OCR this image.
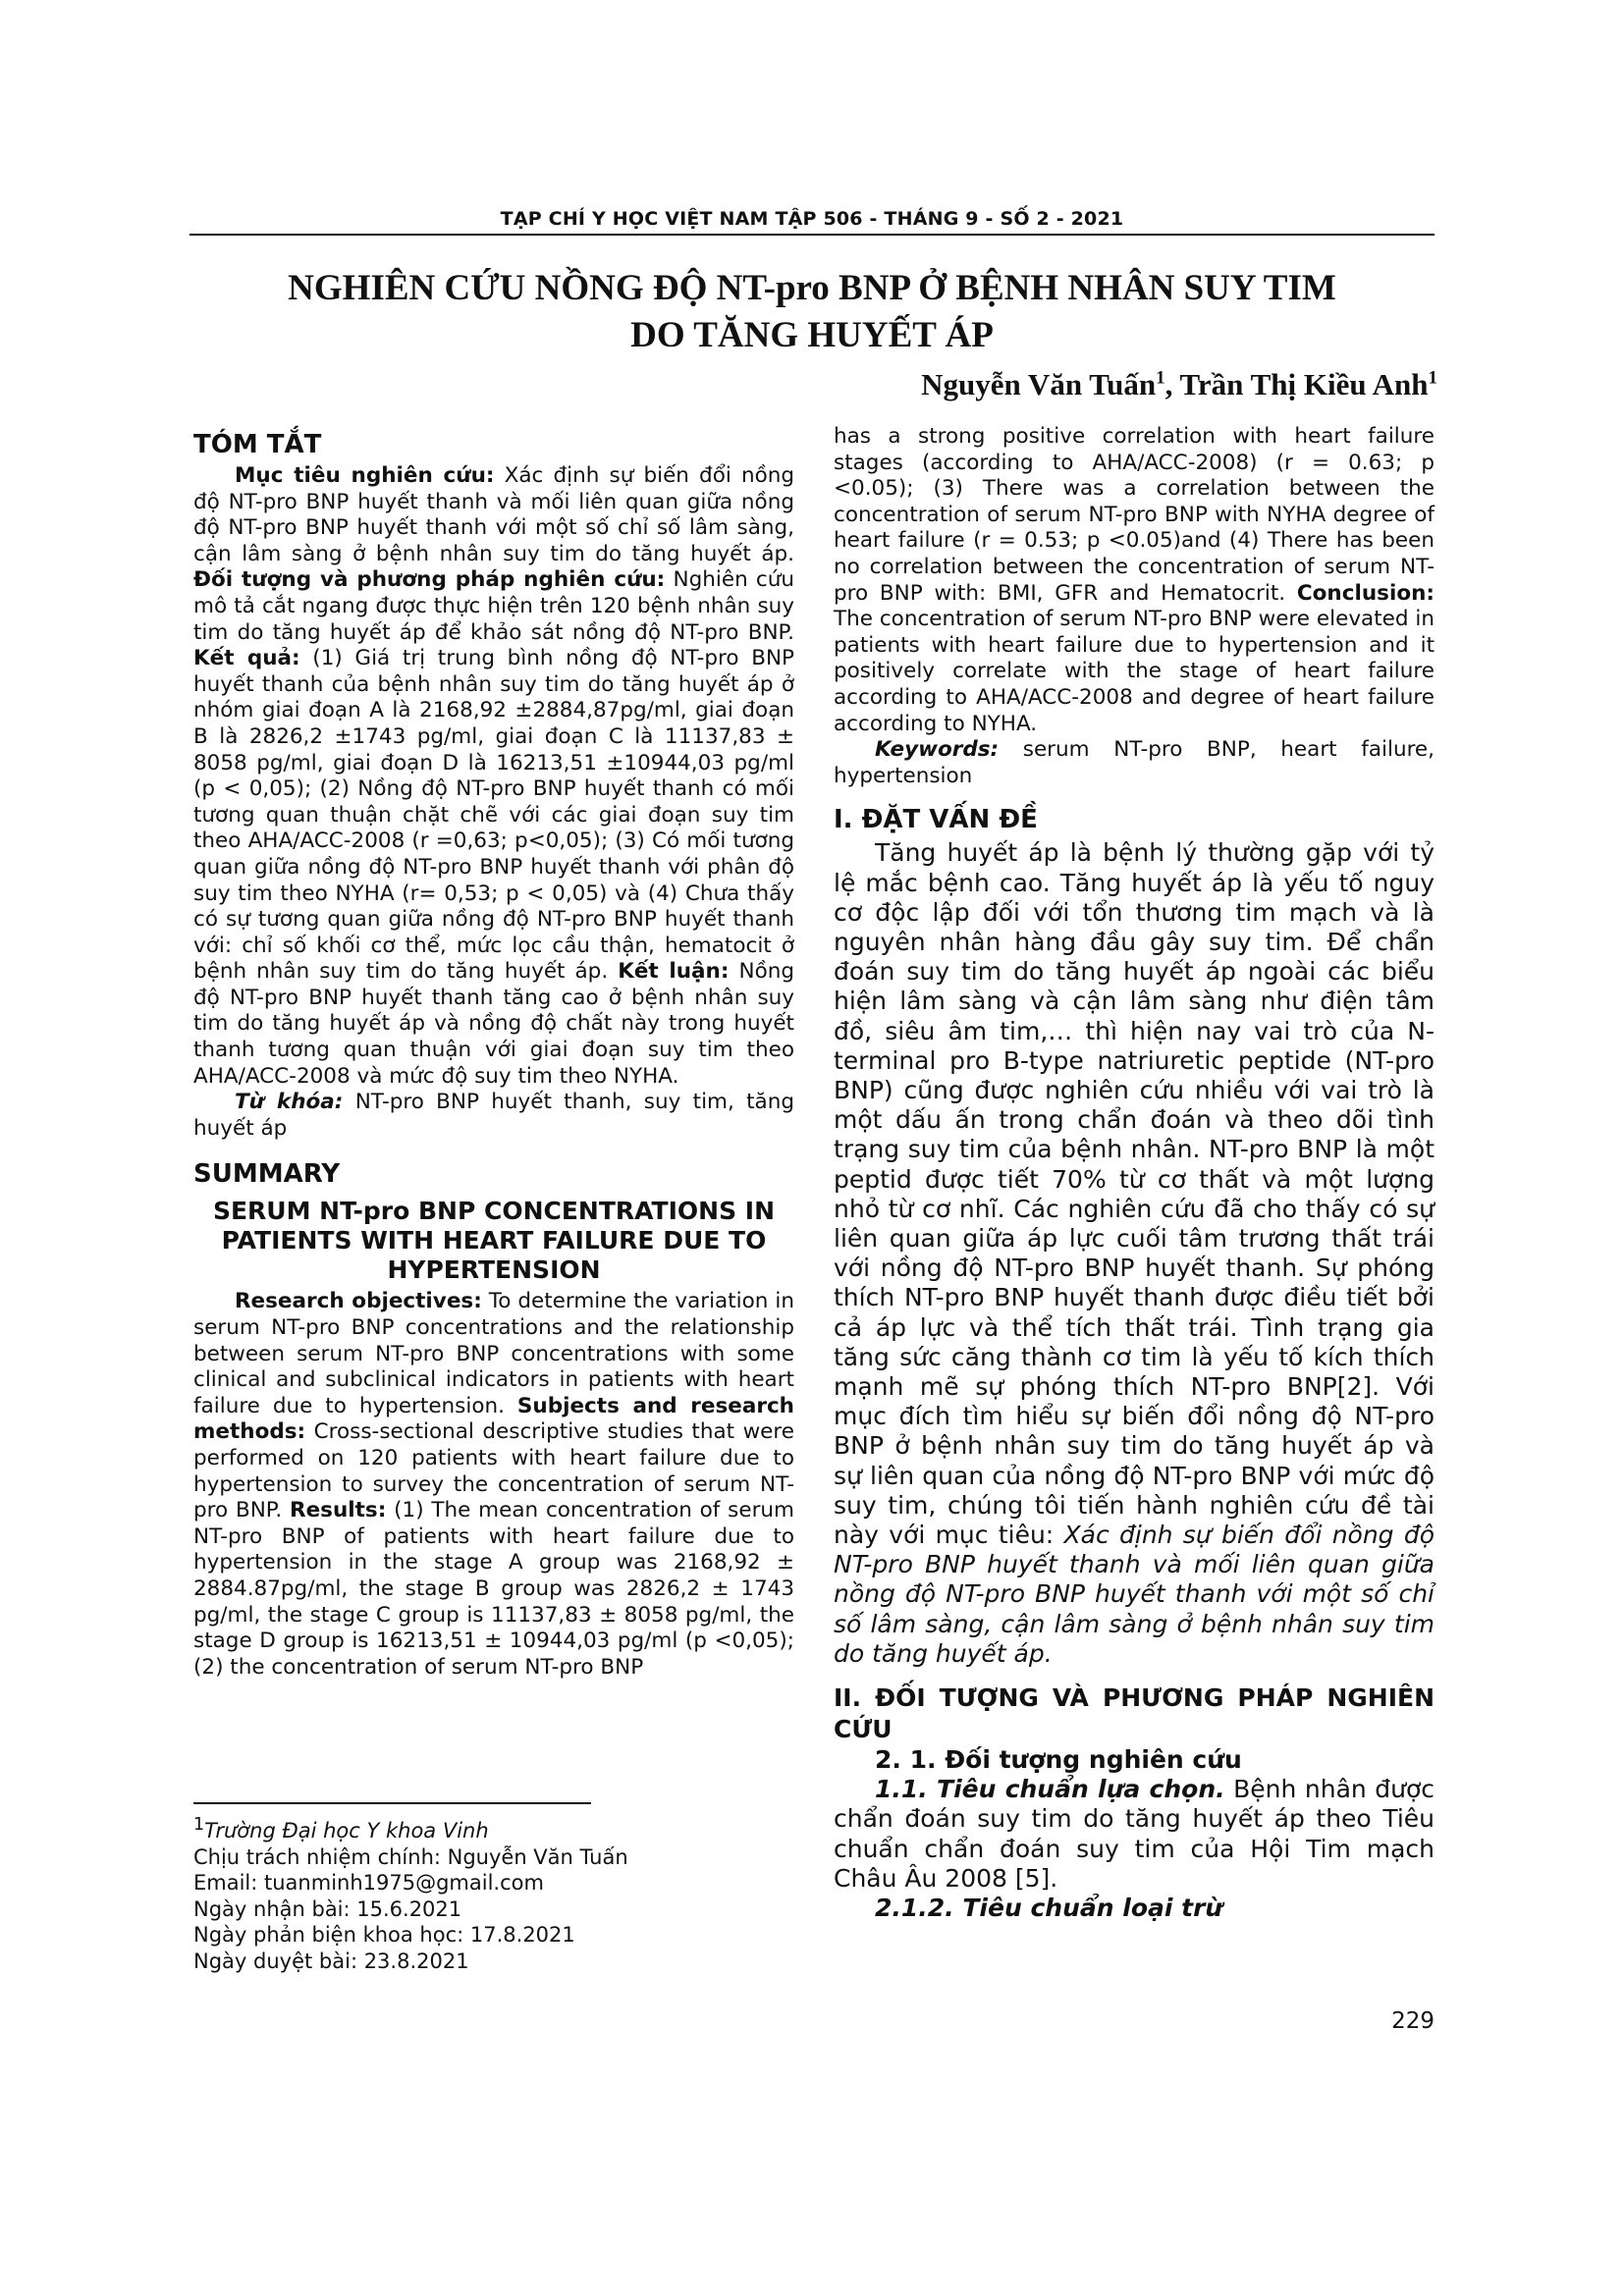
TẠP CHÍ Y HỌC VIỆT NAM TẬP 506 - THÁNG 9 - SỐ 2 - 2021
NGHIÊN CỨU NỒNG ĐỘ NT-pro BNP Ở BỆNH NHÂN SUY TIM
DO TĂNG HUYẾT ÁP
Nguyễn Văn Tuấn$^1$, Trần Thị Kiều Anh$^1$

TÓM TẮT

Mục tiêu nghiên cứu: Xác định sự biến đổi nồng độ NT-pro BNP huyết thanh và mối liên quan giữa nồng độ NT-pro BNP huyết thanh với một số chỉ số lâm sàng, cận lâm sàng ở bệnh nhân suy tim do tăng huyết áp. Đối tượng và phương pháp nghiên cứu: Nghiên cứu mô tả cắt ngang được thực hiện trên 120 bệnh nhân suy tim do tăng huyết áp để khảo sát nồng độ NT-pro BNP. Kết quả: (1) Giá trị trung bình nồng độ NT-pro BNP huyết thanh của bệnh nhân suy tim do tăng huyết áp ở nhóm giai đoạn A là 2168,92 ±2884,87pg/ml, giai đoạn B là 2826,2 ±1743 pg/ml, giai đoạn C là 11137,83 ± 8058 pg/ml, giai đoạn D là 16213,51 ±10944,03 pg/ml (p < 0,05); (2) Nồng độ NT-pro BNP huyết thanh có mối tương quan thuận chặt chẽ với các giai đoạn suy tim theo AHA/ACC-2008 (r =0,63; p<0,05); (3) Có mối tương quan giữa nồng độ NT-pro BNP huyết thanh với phân độ suy tim theo NYHA (r= 0,53; p < 0,05) và (4) Chưa thấy có sự tương quan giữa nồng độ NT-pro BNP huyết thanh với: chỉ số khối cơ thể, mức lọc cầu thận, hematocit ở bệnh nhân suy tim do tăng huyết áp. Kết luận: Nồng độ NT-pro BNP huyết thanh tăng cao ở bệnh nhân suy tim do tăng huyết áp và nồng độ chất này trong huyết thanh tương quan thuận với giai đoạn suy tim theo AHA/ACC-2008 và mức độ suy tim theo NYHA.

Từ khóa: NT-pro BNP huyết thanh, suy tim, tăng huyết áp

SUMMARY

SERUM NT-pro BNP CONCENTRATIONS IN PATIENTS WITH HEART FAILURE DUE TO HYPERTENSION

Research objectives: To determine the variation in serum NT-pro BNP concentrations and the relationship between serum NT-pro BNP concentrations with some clinical and subclinical indicators in patients with heart failure due to hypertension. Subjects and research methods: Cross-sectional descriptive studies that were performed on 120 patients with heart failure due to hypertension to survey the concentration of serum NT-pro BNP. Results: (1) The mean concentration of serum NT-pro BNP of patients with heart failure due to hypertension in the stage A group was 2168,92 ± 2884.87pg/ml, the stage B group was 2826,2 ± 1743 pg/ml, the stage C group is 11137,83 ± 8058 pg/ml, the stage D group is 16213,51 ± 10944,03 pg/ml (p <0,05); (2) the concentration of serum NT-pro BNP

$^1$Trường Đại học Y khoa Vinh
Chịu trách nhiệm chính: Nguyễn Văn Tuấn
Email: tuanminh1975@gmail.com
Ngày nhận bài: 15.6.2021
Ngày phản biện khoa học: 17.8.2021
Ngày duyệt bài: 23.8.2021

has a strong positive correlation with heart failure stages (according to AHA/ACC-2008) (r = 0.63; p <0.05); (3) There was a correlation between the concentration of serum NT-pro BNP with NYHA degree of heart failure (r = 0.53; p <0.05)and (4) There has been no correlation between the concentration of serum NT-pro BNP with: BMI, GFR and Hematocrit. Conclusion: The concentration of serum NT-pro BNP were elevated in patients with heart failure due to hypertension and it positively correlate with the stage of heart failure according to AHA/ACC-2008 and degree of heart failure according to NYHA.

Keywords: serum NT-pro BNP, heart failure, hypertension

I. ĐẶT VẤN ĐỀ

Tăng huyết áp là bệnh lý thường gặp với tỷ lệ mắc bệnh cao. Tăng huyết áp là yếu tố nguy cơ độc lập đối với tổn thương tim mạch và là nguyên nhân hàng đầu gây suy tim. Để chẩn đoán suy tim do tăng huyết áp ngoài các biểu hiện lâm sàng và cận lâm sàng như điện tâm đồ, siêu âm tim,… thì hiện nay vai trò của N-terminal pro B-type natriuretic peptide (NT-pro BNP) cũng được nghiên cứu nhiều với vai trò là một dấu ấn trong chẩn đoán và theo dõi tình trạng suy tim của bệnh nhân. NT-pro BNP là một peptid được tiết 70% từ cơ thất và một lượng nhỏ từ cơ nhĩ. Các nghiên cứu đã cho thấy có sự liên quan giữa áp lực cuối tâm trương thất trái với nồng độ NT-pro BNP huyết thanh. Sự phóng thích NT-pro BNP huyết thanh được điều tiết bởi cả áp lực và thể tích thất trái. Tình trạng gia tăng sức căng thành cơ tim là yếu tố kích thích mạnh mẽ sự phóng thích NT-pro BNP[2]. Với mục đích tìm hiểu sự biến đổi nồng độ NT-pro BNP ở bệnh nhân suy tim do tăng huyết áp và sự liên quan của nồng độ NT-pro BNP với mức độ suy tim, chúng tôi tiến hành nghiên cứu đề tài này với mục tiêu: Xác định sự biến đổi nồng độ NT-pro BNP huyết thanh và mối liên quan giữa nồng độ NT-pro BNP huyết thanh với một số chỉ số lâm sàng, cận lâm sàng ở bệnh nhân suy tim do tăng huyết áp.

II. ĐỐI TƯỢNG VÀ PHƯƠNG PHÁP NGHIÊN CỨU

2. 1. Đối tượng nghiên cứu

1.1. Tiêu chuẩn lựa chọn. Bệnh nhân được chẩn đoán suy tim do tăng huyết áp theo Tiêu chuẩn chẩn đoán suy tim của Hội Tim mạch Châu Âu 2008 [5].

2.1.2. Tiêu chuẩn loại trừ

229
